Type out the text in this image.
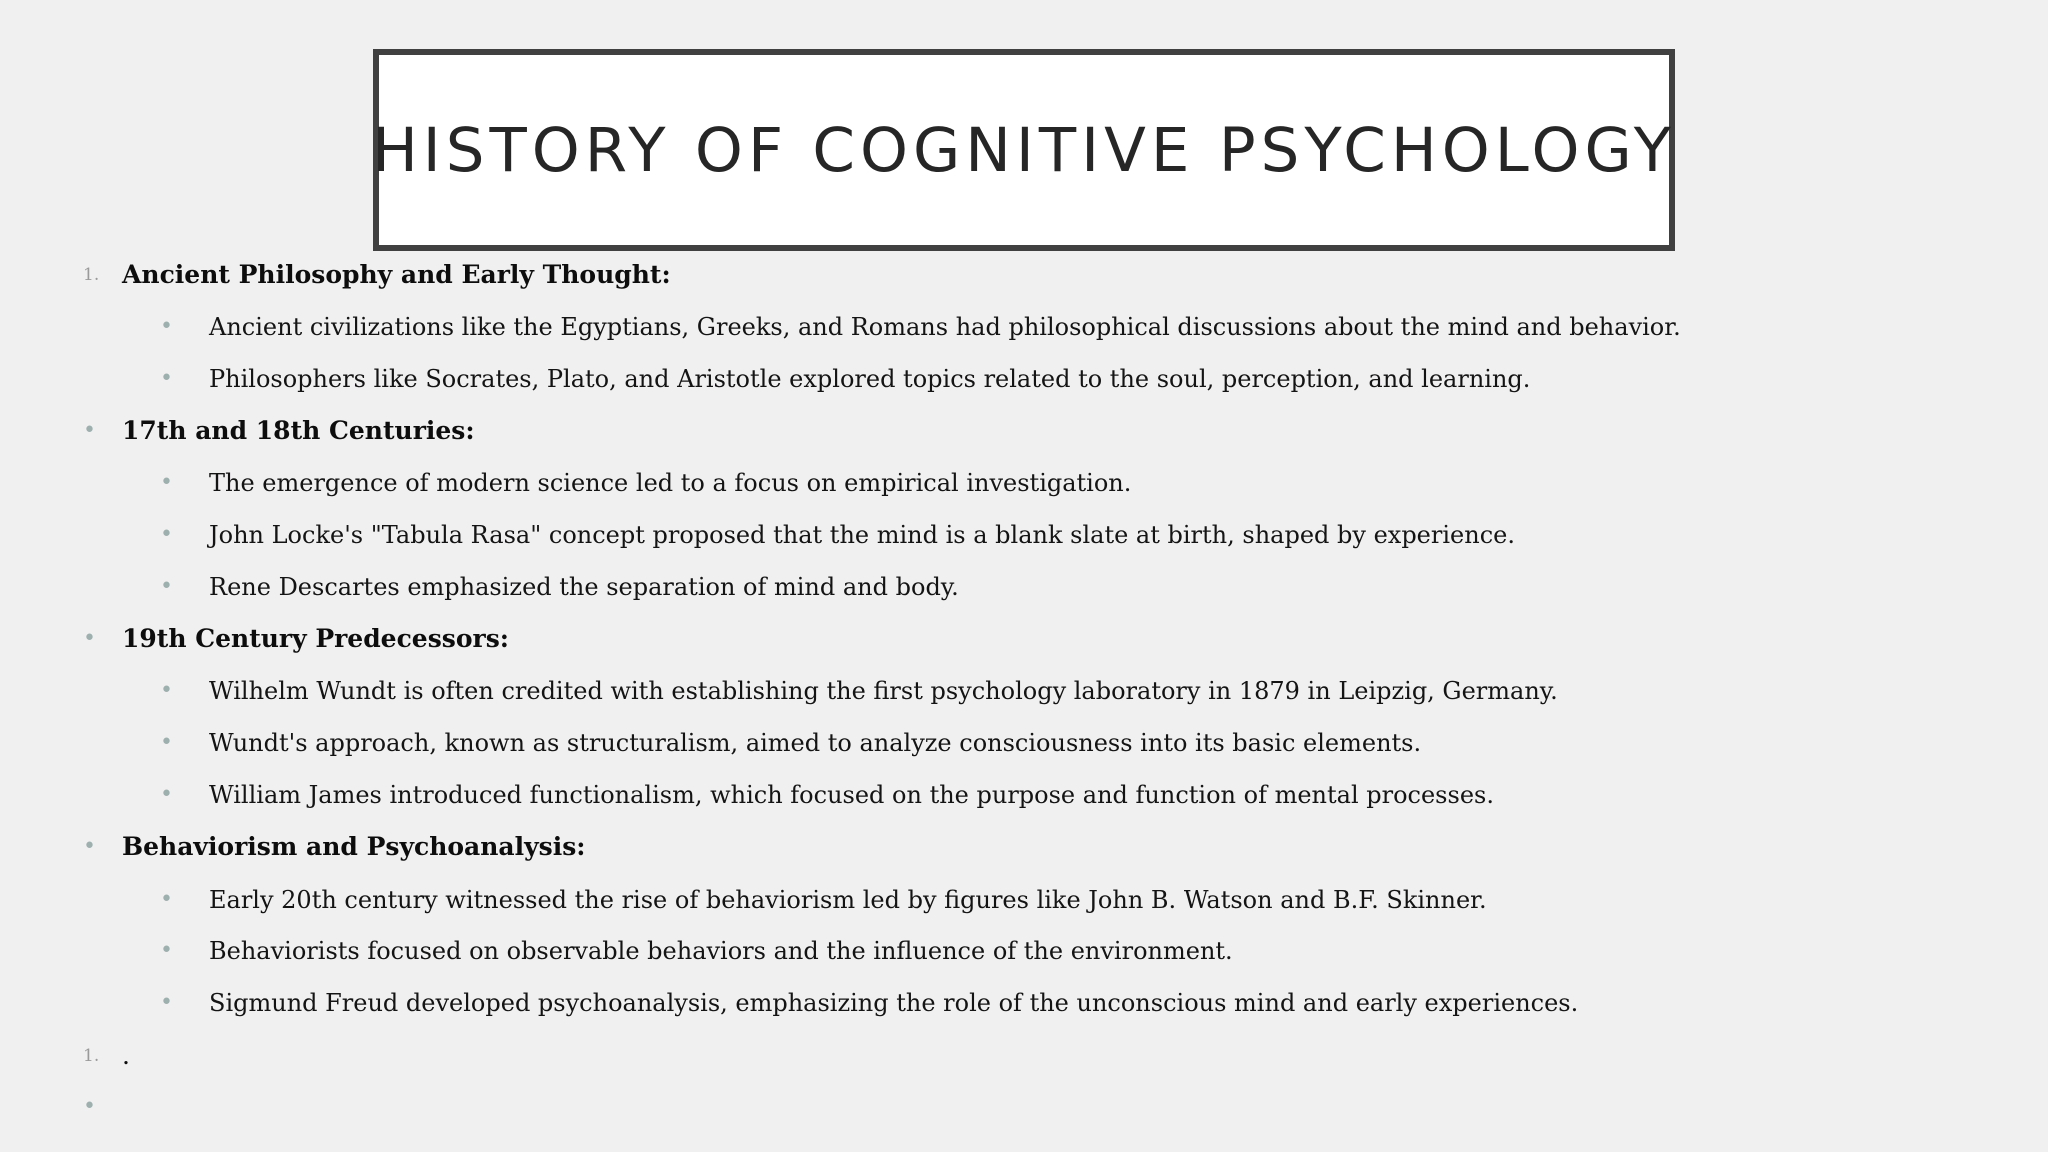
HISTORY OF COGNITIVE PSYCHOLOGY
1. Ancient Philosophy and Early Thought:
• Ancient civilizations like the Egyptians, Greeks, and Romans had philosophical discussions about the mind and behavior.
• Philosophers like Socrates, Plato, and Aristotle explored topics related to the soul, perception, and learning.
• 17th and 18th Centuries:
• The emergence of modern science led to a focus on empirical investigation.
• John Locke's "Tabula Rasa" concept proposed that the mind is a blank slate at birth, shaped by experience.
• Rene Descartes emphasized the separation of mind and body.
• 19th Century Predecessors:
• Wilhelm Wundt is often credited with establishing the first psychology laboratory in 1879 in Leipzig, Germany.
• Wundt's approach, known as structuralism, aimed to analyze consciousness into its basic elements.
• William James introduced functionalism, which focused on the purpose and function of mental processes.
• Behaviorism and Psychoanalysis:
• Early 20th century witnessed the rise of behaviorism led by figures like John B. Watson and B.F. Skinner.
• Behaviorists focused on observable behaviors and the influence of the environment.
• Sigmund Freud developed psychoanalysis, emphasizing the role of the unconscious mind and early experiences.
1. .
•
